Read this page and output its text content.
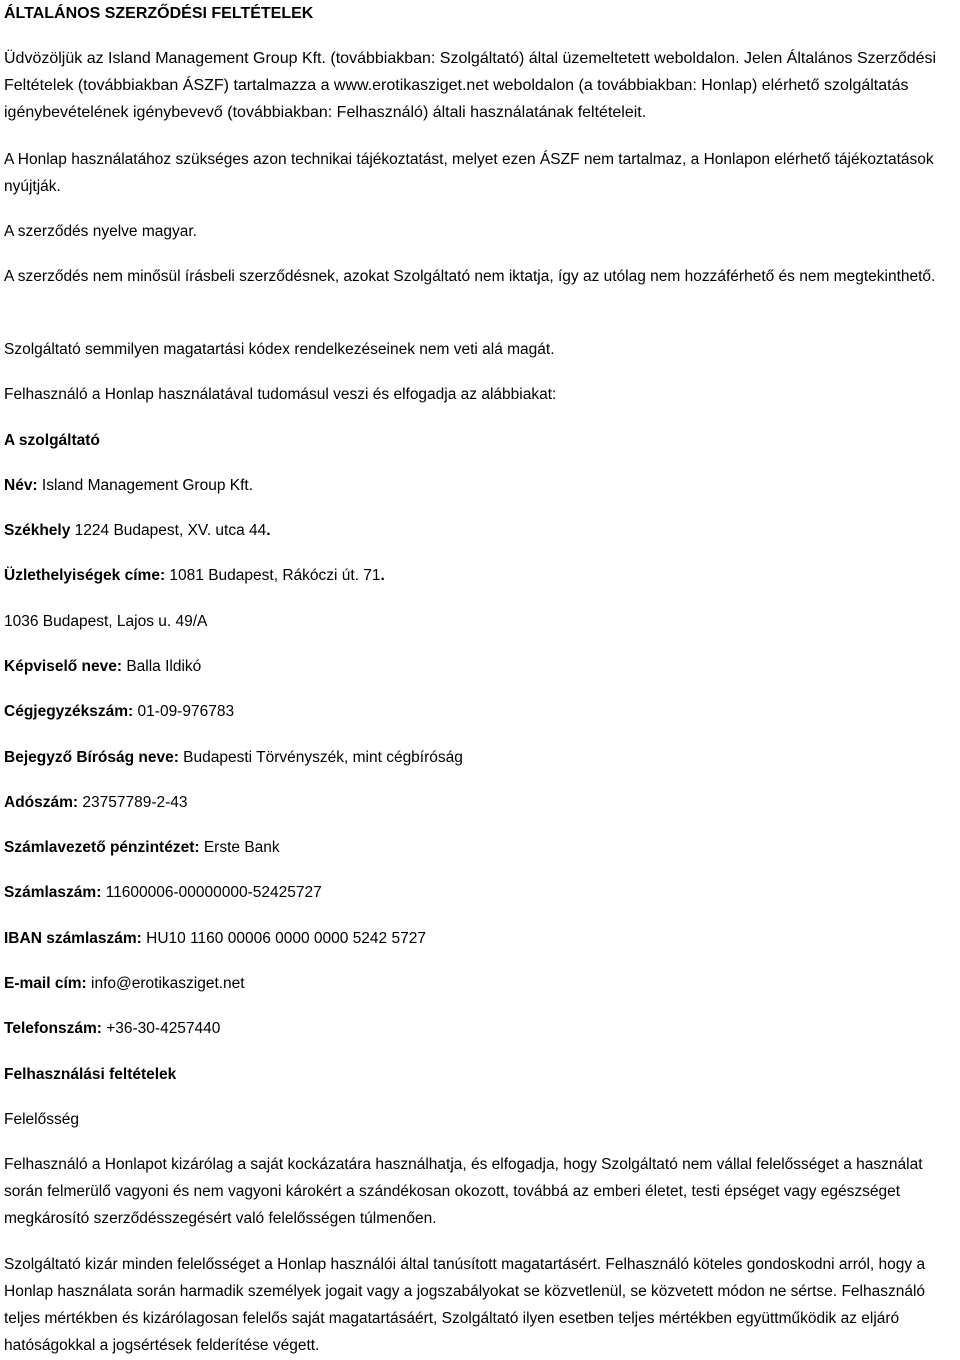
ÁLTALÁNOS SZERZŐDÉSI FELTÉTELEK
Üdvözöljük az Island Management Group Kft. (továbbiakban: Szolgáltató) által üzemeltetett weboldalon. Jelen Általános Szerződési Feltételek (továbbiakban ÁSZF) tartalmazza a www.erotikasziget.net weboldalon (a továbbiakban: Honlap) elérhető szolgáltatás igénybevételének igénybevevő (továbbiakban: Felhasználó) általi használatának feltételeit.
A Honlap használatához szükséges azon technikai tájékoztatást, melyet ezen ÁSZF nem tartalmaz, a Honlapon elérhető tájékoztatások nyújtják.
A szerződés nyelve magyar.
A szerződés nem minősül írásbeli szerződésnek, azokat Szolgáltató nem iktatja, így az utólag nem hozzáférhető és nem megtekinthető.
Szolgáltató semmilyen magatartási kódex rendelkezéseinek nem veti alá magát.
Felhasználó a Honlap használatával tudomásul veszi és elfogadja az alábbiakat:
A szolgáltató
Név: Island Management Group Kft.
Székhely 1224 Budapest, XV. utca 44.
Üzlethelyiségek címe: 1081 Budapest, Rákóczi út. 71.
1036 Budapest, Lajos u. 49/A
Képviselő neve: Balla Ildikó
Cégjegyzékszám: 01-09-976783
Bejegyző Bíróság neve: Budapesti Törvényszék, mint cégbíróság
Adószám: 23757789-2-43
Számlavezető pénzintézet: Erste Bank
Számlaszám: 11600006-00000000-52425727
IBAN számlaszám: HU10 1160 00006 0000 0000 5242 5727
E-mail cím: info@erotikasziget.net
Telefonszám: +36-30-4257440
Felhasználási feltételek
Felelősség
Felhasználó a Honlapot kizárólag a saját kockázatára használhatja, és elfogadja, hogy Szolgáltató nem vállal felelősséget a használat során felmerülő vagyoni és nem vagyoni károkért a szándékosan okozott, továbbá az emberi életet, testi épséget vagy egészséget megkárosító szerződésszegésért való felelősségen túlmenően.
Szolgáltató kizár minden felelősséget a Honlap használói által tanúsított magatartásért. Felhasználó köteles gondoskodni arról, hogy a Honlap használata során harmadik személyek jogait vagy a jogszabályokat se közvetlenül, se közvetett módon ne sértse. Felhasználó teljes mértékben és kizárólagosan felelős saját magatartásáért, Szolgáltató ilyen esetben teljes mértékben együttműködik az eljáró hatóságokkal a jogsértések felderítése végett.
